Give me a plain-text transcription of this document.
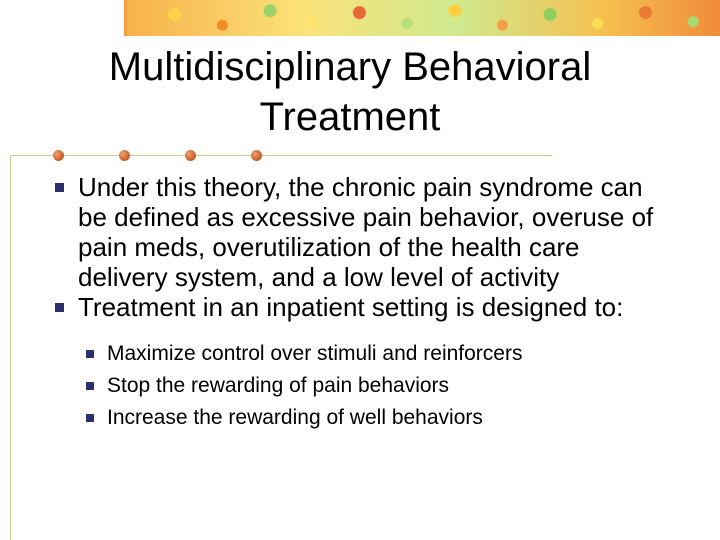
Multidisciplinary Behavioral Treatment
Under this theory, the chronic pain syndrome can be defined as excessive pain behavior, overuse of pain meds, overutilization of the health care delivery system, and a low level of activity
Treatment in an inpatient setting is designed to:
Maximize control over stimuli and reinforcers
Stop the rewarding of pain behaviors
Increase the rewarding of well behaviors
